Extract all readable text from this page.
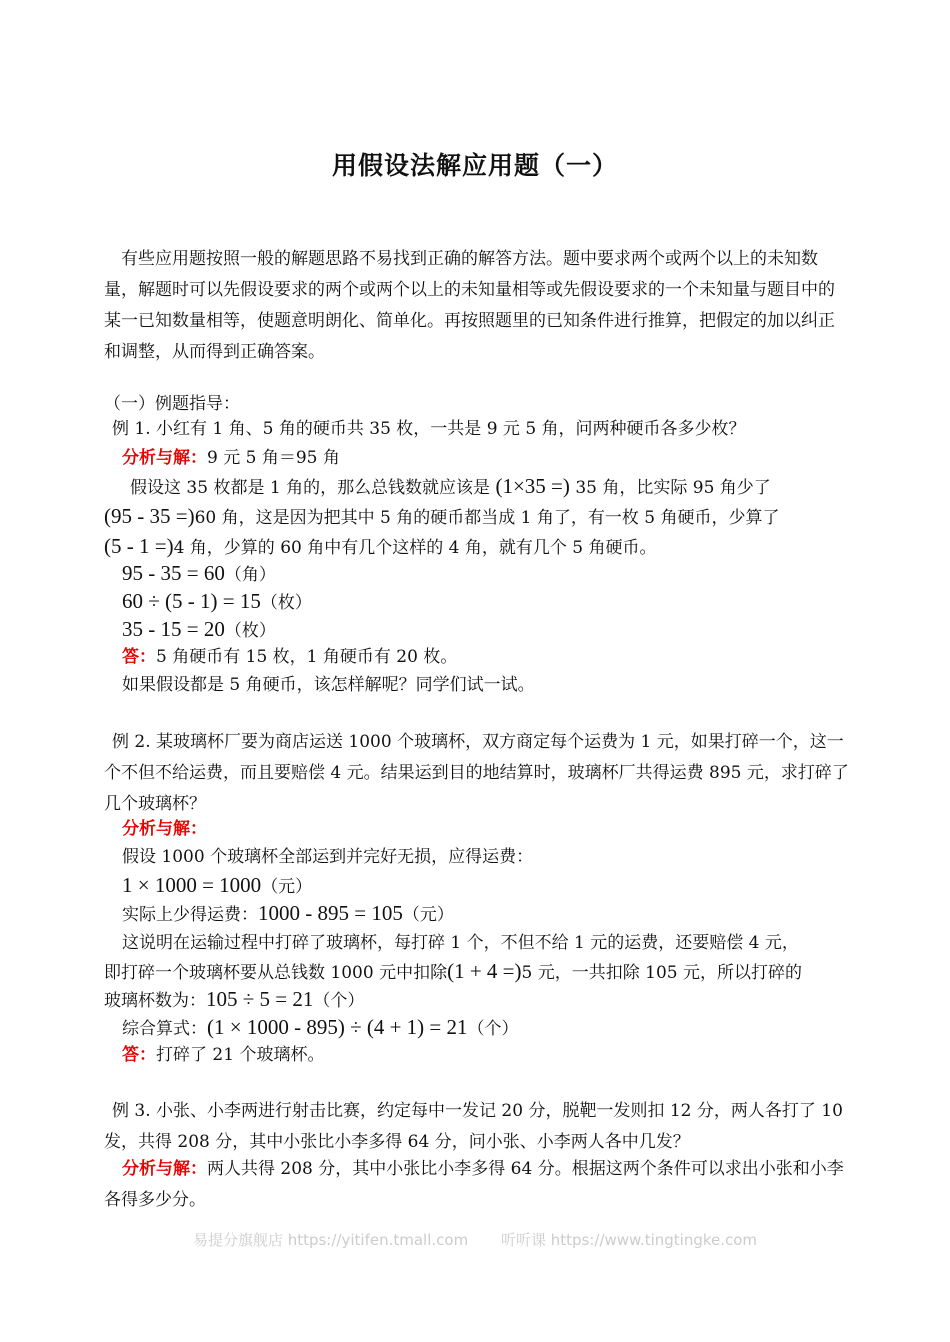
用假设法解应用题（一）

有些应用题按照一般的解题思路不易找到正确的解答方法。题中要求两个或两个以上的未知数量，解题时可以先假设要求的两个或两个以上的未知量相等或先假设要求的一个未知量与题目中的某一已知数量相等，使题意明朗化、简单化。再按照题里的已知条件进行推算，把假定的加以纠正和调整，从而得到正确答案。

（一）例题指导：

例 1. 小红有 1 角、5 角的硬币共 35 枚，一共是 9 元 5 角，问两种硬币各多少枚？

分析与解：9 元 5 角＝95 角
假设这 35 枚都是 1 角的，那么总钱数就应该是 (1×35 =) 35 角，比实际 95 角少了
(95 - 35 =)60 角，这是因为把其中 5 角的硬币都当成 1 角了，有一枚 5 角硬币，少算了
(5 - 1 =)4 角，少算的 60 角中有几个这样的 4 角，就有几个 5 角硬币。
95 - 35 = 60（角）
60 ÷ (5 - 1) = 15（枚）
35 - 15 = 20（枚）
答：5 角硬币有 15 枚，1 角硬币有 20 枚。
如果假设都是 5 角硬币，该怎样解呢？同学们试一试。

例 2. 某玻璃杯厂要为商店运送 1000 个玻璃杯，双方商定每个运费为 1 元，如果打碎一个，这一个不但不给运费，而且要赔偿 4 元。结果运到目的地结算时，玻璃杯厂共得运费 895 元，求打碎了几个玻璃杯？

分析与解：
假设 1000 个玻璃杯全部运到并完好无损，应得运费：
1 × 1000 = 1000（元）
实际上少得运费：1000 - 895 = 105（元）
这说明在运输过程中打碎了玻璃杯，每打碎 1 个，不但不给 1 元的运费，还要赔偿 4 元，
即打碎一个玻璃杯要从总钱数 1000 元中扣除(1 + 4 =)5 元，一共扣除 105 元，所以打碎的
玻璃杯数为：105 ÷ 5 = 21（个）
综合算式：(1 × 1000 - 895) ÷ (4 + 1) = 21（个）
答：打碎了 21 个玻璃杯。

例 3. 小张、小李两进行射击比赛，约定每中一发记 20 分，脱靶一发则扣 12 分，两人各打了 10 发，共得 208 分，其中小张比小李多得 64 分，问小张、小李两人各中几发？

分析与解：两人共得 208 分，其中小张比小李多得 64 分。根据这两个条件可以求出小张和小李各得多少分。

易提分旗舰店 https://yitifen.tmall.com 听听课 https://www.tingtingke.com
